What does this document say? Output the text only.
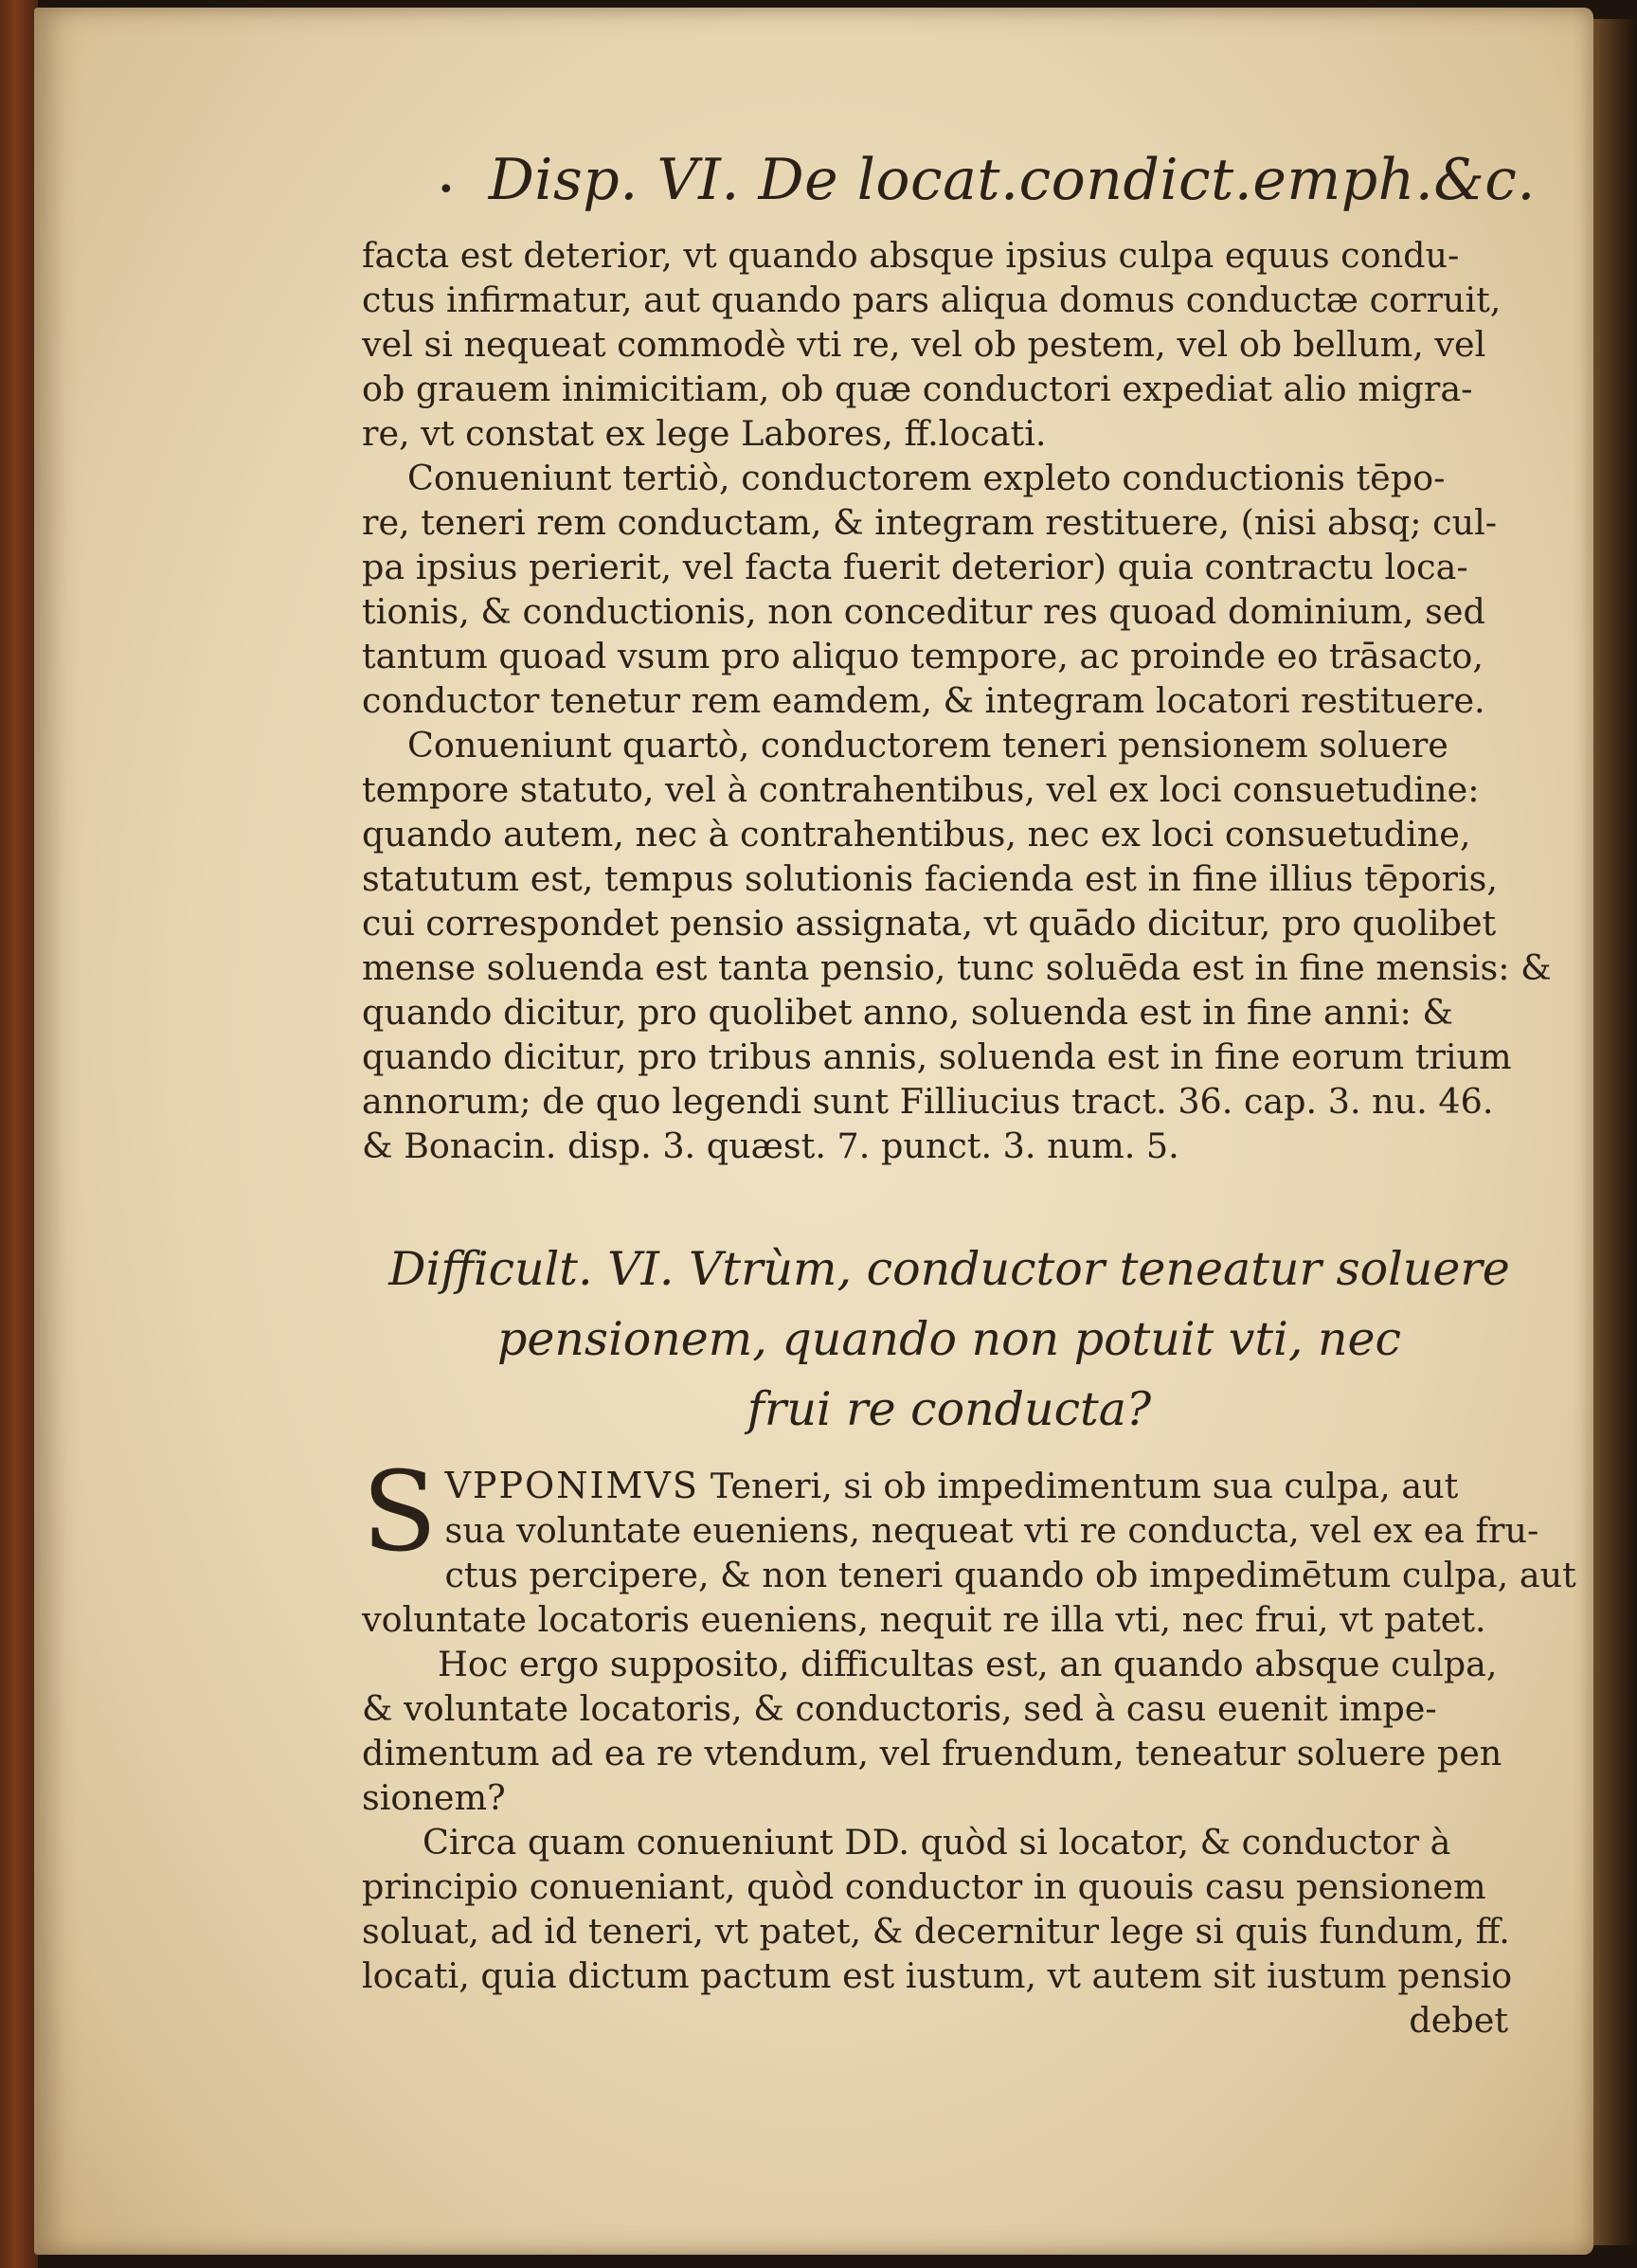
• Disp. VI. De locat.condict.emph.&c.

facta est deterior, vt quando absque ipsius culpa equus condu-
ctus infirmatur, aut quando pars aliqua domus conductæ corruit,
vel si nequeat commodè vti re, vel ob pestem, vel ob bellum, vel
ob grauem inimicitiam, ob quæ conductori expediat alio migra-
re, vt constat ex lege Labores, ff.locati.

Conueniunt tertiò, conductorem expleto conductionis tēpo-
re, teneri rem conductam, & integram restituere, (nisi absq; cul-
pa ipsius perierit, vel facta fuerit deterior) quia contractu loca-
tionis, & conductionis, non conceditur res quoad dominium, sed
tantum quoad vsum pro aliquo tempore, ac proinde eo trāsacto,
conductor tenetur rem eamdem, & integram locatori restituere.

Conueniunt quartò, conductorem teneri pensionem soluere
tempore statuto, vel à contrahentibus, vel ex loci consuetudine:
quando autem, nec à contrahentibus, nec ex loci consuetudine,
statutum est, tempus solutionis facienda est in fine illius tēporis,
cui correspondet pensio assignata, vt quādo dicitur, pro quolibet
mense soluenda est tanta pensio, tunc soluēda est in fine mensis: &
quando dicitur, pro quolibet anno, soluenda est in fine anni: &
quando dicitur, pro tribus annis, soluenda est in fine eorum trium
annorum; de quo legendi sunt Filliucius tract. 36. cap. 3. nu. 46.
& Bonacin. disp. 3. quæst. 7. punct. 3. num. 5.

Difficult. VI. Vtrùm, conductor teneatur soluere
pensionem, quando non potuit vti, nec
frui re conducta?
S VPPONIMVS Teneri, si ob impedimentum sua culpa, aut
sua voluntate eueniens, nequeat vti re conducta, vel ex ea fru-
ctus percipere, & non teneri quando ob impedimētum culpa, aut
voluntate locatoris eueniens, nequit re illa vti, nec frui, vt patet.
Hoc ergo supposito, difficultas est, an quando absque culpa,
& voluntate locatoris, & conductoris, sed à casu euenit impe-
dimentum ad ea re vtendum, vel fruendum, teneatur soluere pen
sionem?
Circa quam conueniunt DD. quòd si locator, & conductor à
principio conueniant, quòd conductor in quouis casu pensionem
soluat, ad id teneri, vt patet, & decernitur lege si quis fundum, ff.
locati, quia dictum pactum est iustum, vt autem sit iustum pensio
debet
